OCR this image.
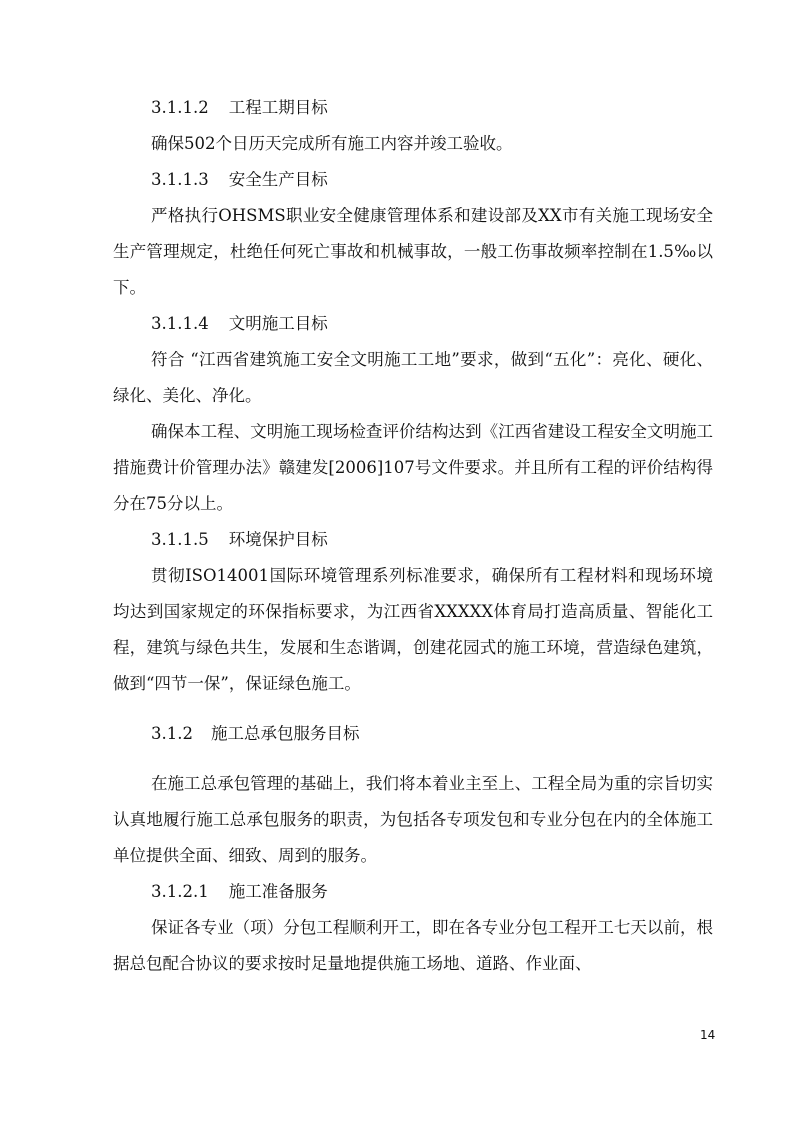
3.1.1.2 工程工期目标

确保502个日历天完成所有施工内容并竣工验收。

3.1.1.3 安全生产目标

严格执行OHSMS职业安全健康管理体系和建设部及XX市有关施工现场安全生产管理规定，杜绝任何死亡事故和机械事故，一般工伤事故频率控制在1.5‰以下。

3.1.1.4 文明施工目标

符合 “江西省建筑施工安全文明施工工地”要求，做到“五化”：亮化、硬化、绿化、美化、净化。

确保本工程、文明施工现场检查评价结构达到《江西省建设工程安全文明施工措施费计价管理办法》赣建发[2006]107号文件要求。并且所有工程的评价结构得分在75分以上。

3.1.1.5 环境保护目标

贯彻ISO14001国际环境管理系列标准要求，确保所有工程材料和现场环境均达到国家规定的环保指标要求，为江西省XXXXX体育局打造高质量、智能化工程，建筑与绿色共生，发展和生态谐调，创建花园式的施工环境，营造绿色建筑，做到“四节一保”，保证绿色施工。

3.1.2 施工总承包服务目标

在施工总承包管理的基础上，我们将本着业主至上、工程全局为重的宗旨切实认真地履行施工总承包服务的职责，为包括各专项发包和专业分包在内的全体施工单位提供全面、细致、周到的服务。

3.1.2.1 施工准备服务

保证各专业（项）分包工程顺利开工，即在各专业分包工程开工七天以前，根据总包配合协议的要求按时足量地提供施工场地、道路、作业面、

14
